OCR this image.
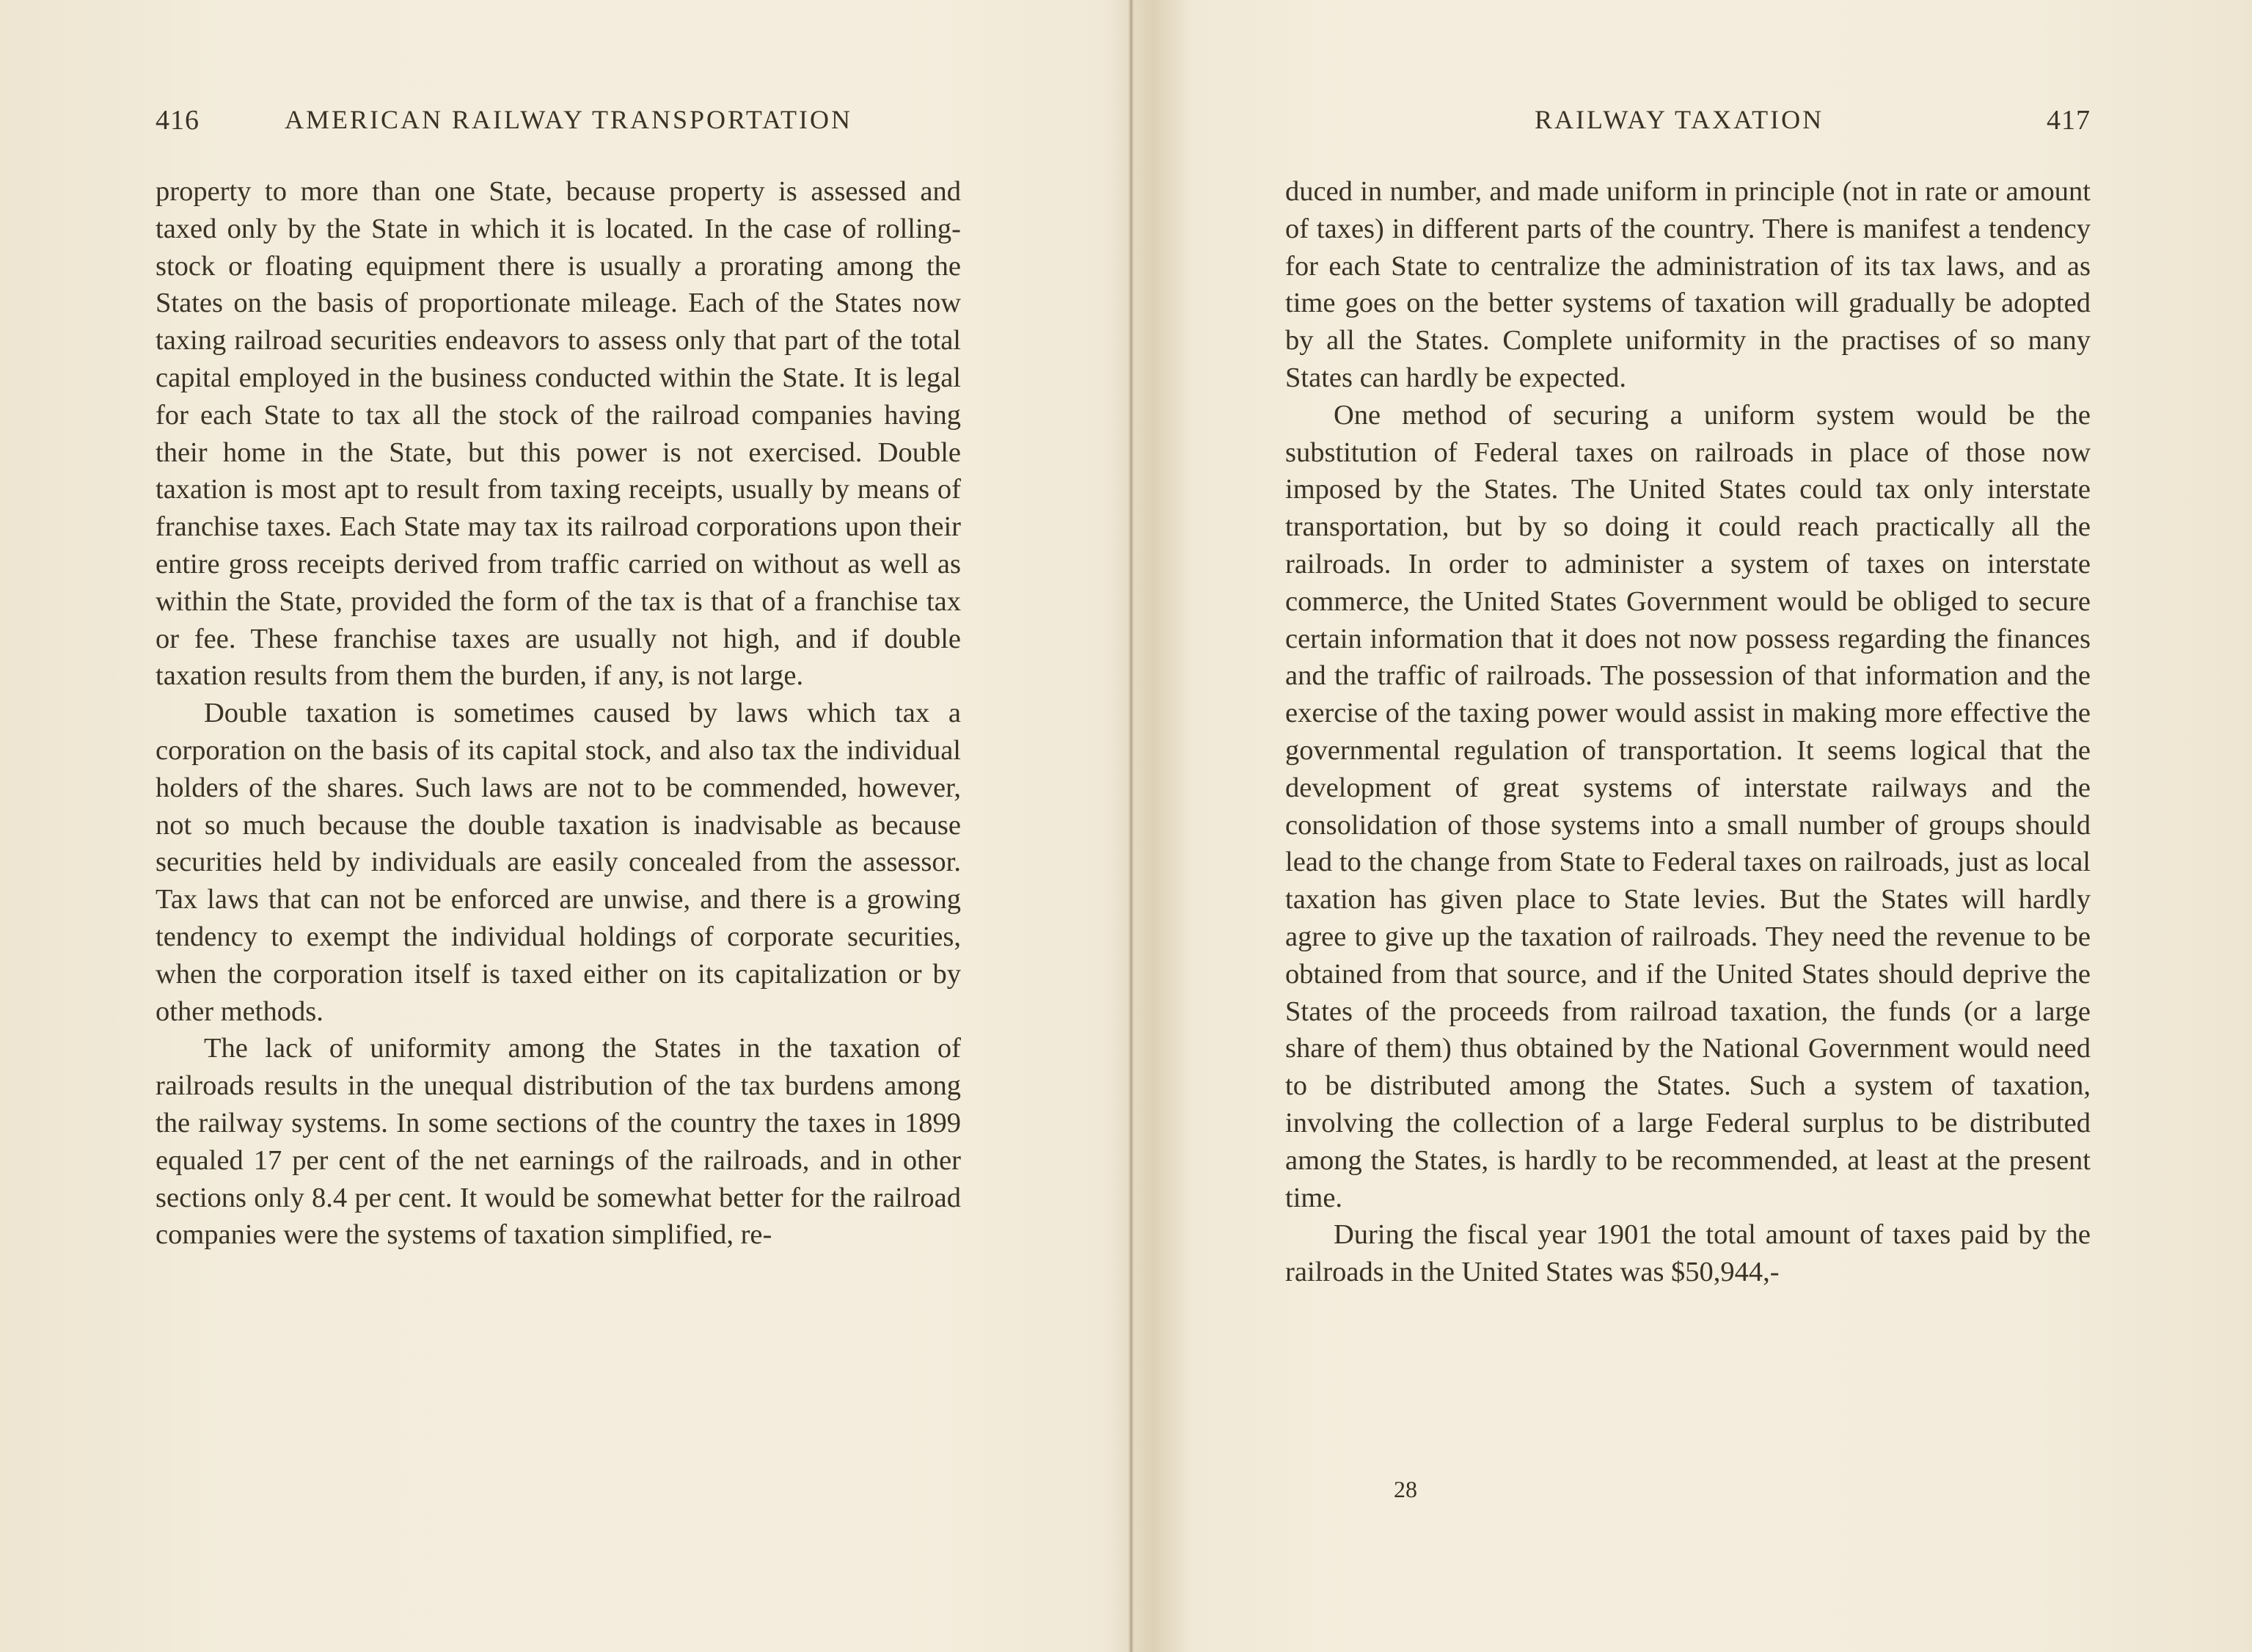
416	AMERICAN RAILWAY TRANSPORTATION

property to more than one State, because property is assessed and taxed only by the State in which it is located. In the case of rolling-stock or floating equipment there is usually a prorating among the States on the basis of proportionate mileage. Each of the States now taxing railroad securities endeavors to assess only that part of the total capital employed in the business conducted within the State. It is legal for each State to tax all the stock of the railroad companies having their home in the State, but this power is not exercised. Double taxation is most apt to result from taxing receipts, usually by means of franchise taxes. Each State may tax its railroad corporations upon their entire gross receipts derived from traffic carried on without as well as within the State, provided the form of the tax is that of a franchise tax or fee. These franchise taxes are usually not high, and if double taxation results from them the burden, if any, is not large.

Double taxation is sometimes caused by laws which tax a corporation on the basis of its capital stock, and also tax the individual holders of the shares. Such laws are not to be commended, however, not so much because the double taxation is inadvisable as because securities held by individuals are easily concealed from the assessor. Tax laws that can not be enforced are unwise, and there is a growing tendency to exempt the individual holdings of corporate securities, when the corporation itself is taxed either on its capitalization or by other methods.

The lack of uniformity among the States in the taxation of railroads results in the unequal distribution of the tax burdens among the railway systems. In some sections of the country the taxes in 1899 equaled 17 per cent of the net earnings of the railroads, and in other sections only 8.4 per cent. It would be somewhat better for the railroad companies were the systems of taxation simplified, re-

RAILWAY TAXATION	417

duced in number, and made uniform in principle (not in rate or amount of taxes) in different parts of the country. There is manifest a tendency for each State to centralize the administration of its tax laws, and as time goes on the better systems of taxation will gradually be adopted by all the States. Complete uniformity in the practises of so many States can hardly be expected.

One method of securing a uniform system would be the substitution of Federal taxes on railroads in place of those now imposed by the States. The United States could tax only interstate transportation, but by so doing it could reach practically all the railroads. In order to administer a system of taxes on interstate commerce, the United States Government would be obliged to secure certain information that it does not now possess regarding the finances and the traffic of railroads. The possession of that information and the exercise of the taxing power would assist in making more effective the governmental regulation of transportation. It seems logical that the development of great systems of interstate railways and the consolidation of those systems into a small number of groups should lead to the change from State to Federal taxes on railroads, just as local taxation has given place to State levies. But the States will hardly agree to give up the taxation of railroads. They need the revenue to be obtained from that source, and if the United States should deprive the States of the proceeds from railroad taxation, the funds (or a large share of them) thus obtained by the National Government would need to be distributed among the States. Such a system of taxation, involving the collection of a large Federal surplus to be distributed among the States, is hardly to be recommended, at least at the present time.

During the fiscal year 1901 the total amount of taxes paid by the railroads in the United States was $50,944,-

28
